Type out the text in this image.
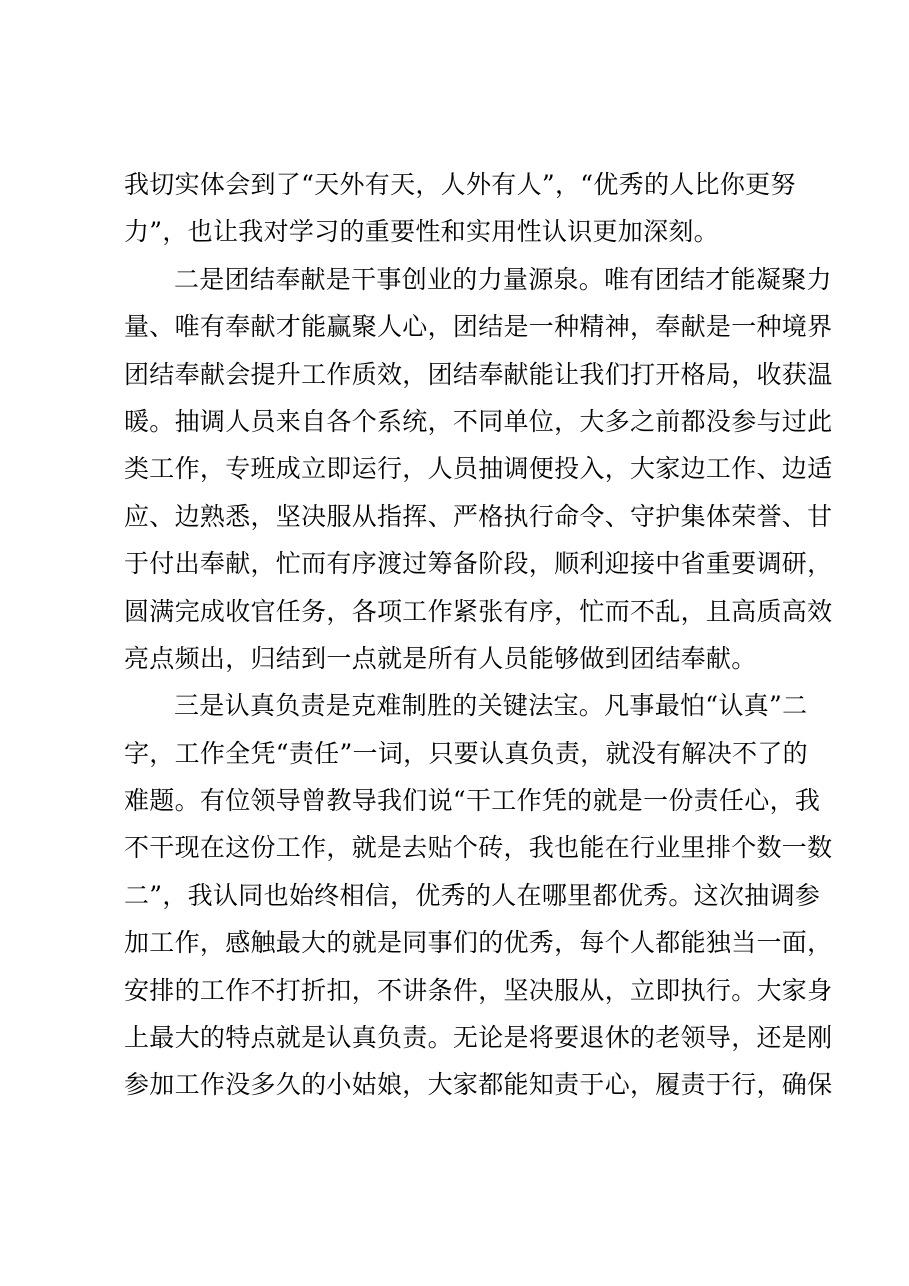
我切实体会到了“天外有天，人外有人”，“优秀的人比你更努
力”，也让我对学习的重要性和实用性认识更加深刻。
二是团结奉献是干事创业的力量源泉。唯有团结才能凝聚力
量、唯有奉献才能赢聚人心，团结是一种精神，奉献是一种境界
团结奉献会提升工作质效，团结奉献能让我们打开格局，收获温
暖。抽调人员来自各个系统，不同单位，大多之前都没参与过此
类工作，专班成立即运行，人员抽调便投入，大家边工作、边适
应、边熟悉，坚决服从指挥、严格执行命令、守护集体荣誉、甘
于付出奉献，忙而有序渡过筹备阶段，顺利迎接中省重要调研，
圆满完成收官任务，各项工作紧张有序，忙而不乱，且高质高效
亮点频出，归结到一点就是所有人员能够做到团结奉献。
三是认真负责是克难制胜的关键法宝。凡事最怕“认真”二
字，工作全凭“责任”一词，只要认真负责，就没有解决不了的
难题。有位领导曾教导我们说“干工作凭的就是一份责任心，我
不干现在这份工作，就是去贴个砖，我也能在行业里排个数一数
二”，我认同也始终相信，优秀的人在哪里都优秀。这次抽调参
加工作，感触最大的就是同事们的优秀，每个人都能独当一面，
安排的工作不打折扣，不讲条件，坚决服从，立即执行。大家身
上最大的特点就是认真负责。无论是将要退休的老领导，还是刚
参加工作没多久的小姑娘，大家都能知责于心，履责于行，确保
